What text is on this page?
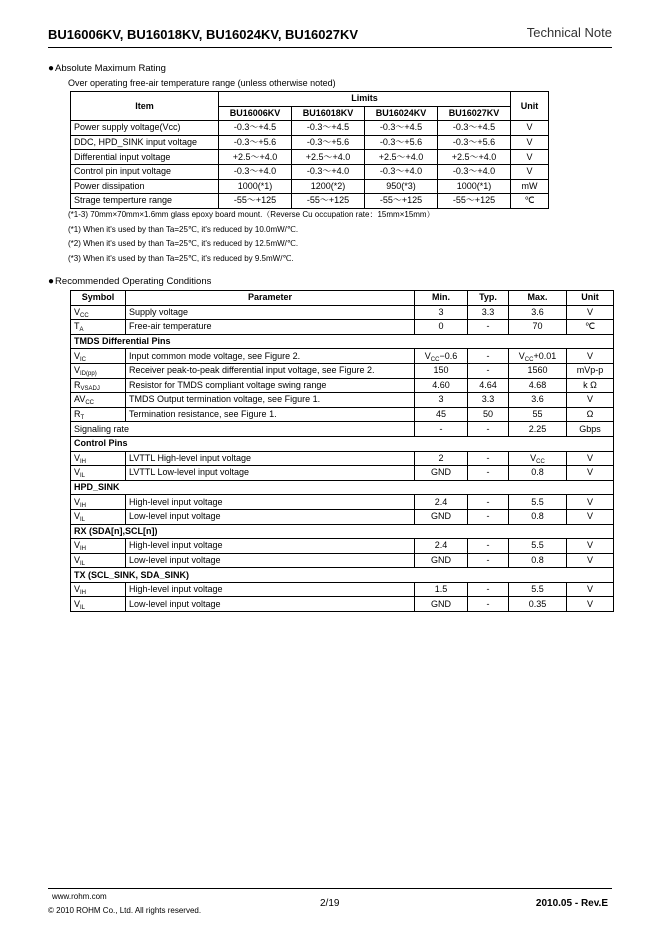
BU16006KV, BU16018KV, BU16024KV, BU16027KV	Technical Note
●Absolute Maximum Rating
Over operating free-air temperature range (unless otherwise noted)
Item	Limits				Unit
	BU16006KV	BU16018KV	BU16024KV	BU16027KV	
Power supply voltage(Vcc)	-0.3～+4.5	-0.3～+4.5	-0.3～+4.5	-0.3～+4.5	V
DDC, HPD_SINK input voltage	-0.3～+5.6	-0.3～+5.6	-0.3～+5.6	-0.3～+5.6	V
Differential input voltage	+2.5～+4.0	+2.5～+4.0	+2.5～+4.0	+2.5～+4.0	V
Control pin input voltage	-0.3～+4.0	-0.3～+4.0	-0.3～+4.0	-0.3～+4.0	V
Power dissipation	1000(*1)	1200(*2)	950(*3)	1000(*1)	mW
Strage temperture range	-55～+125	-55～+125	-55～+125	-55～+125	℃
(*1-3) 70mm×70mm×1.6mm glass epoxy board mount.（Reverse Cu occupation rate：15mm×15mm）
(*1) When it's used by than Ta=25℃, it's reduced by 10.0mW/℃.
(*2) When it's used by than Ta=25℃, it's reduced by 12.5mW/℃.
(*3) When it's used by than Ta=25℃, it's reduced by 9.5mW/℃.
●Recommended Operating Conditions
Symbol	Parameter	Min.	Typ.	Max.	Unit
$V_{CC}$	Supply voltage	3	3.3	3.6	V
$T_A$	Free-air temperature	0	-	70	℃
TMDS Differential Pins					
$V_{IC}$	Input common mode voltage, see Figure 2.	$V_{CC}-0.6$	-	$V_{CC}+0.01$	V
$V_{ID(pp)}$	Receiver peak-to-peak differential input voltage, see Figure 2.	150	-	1560	mVp-p
$R_{VSADJ}$	Resistor for TMDS compliant voltage swing range	4.60	4.64	4.68	k Ω
$AV_{CC}$	TMDS Output termination voltage, see Figure 1.	3	3.3	3.6	V
$R_T$	Termination resistance, see Figure 1.	45	50	55	Ω
Signaling rate		-	-	2.25	Gbps
Control Pins					
$V_{IH}$	LVTTL High-level input voltage	2	-	$V_{CC}$	V
$V_{IL}$	LVTTL Low-level input voltage	GND	-	0.8	V
HPD_SINK					
$V_{IH}$	High-level input voltage	2.4	-	5.5	V
$V_{IL}$	Low-level input voltage	GND	-	0.8	V
RX (SDA[n],SCL[n])					
$V_{IH}$	High-level input voltage	2.4	-	5.5	V
$V_{IL}$	Low-level input voltage	GND	-	0.8	V
TX (SCL_SINK, SDA_SINK)					
$V_{IH}$	High-level input voltage	1.5	-	5.5	V
$V_{IL}$	Low-level input voltage	GND	-	0.35	V
www.rohm.com
© 2010 ROHM Co., Ltd. All rights reserved.
2/19	2010.05 - Rev.E
